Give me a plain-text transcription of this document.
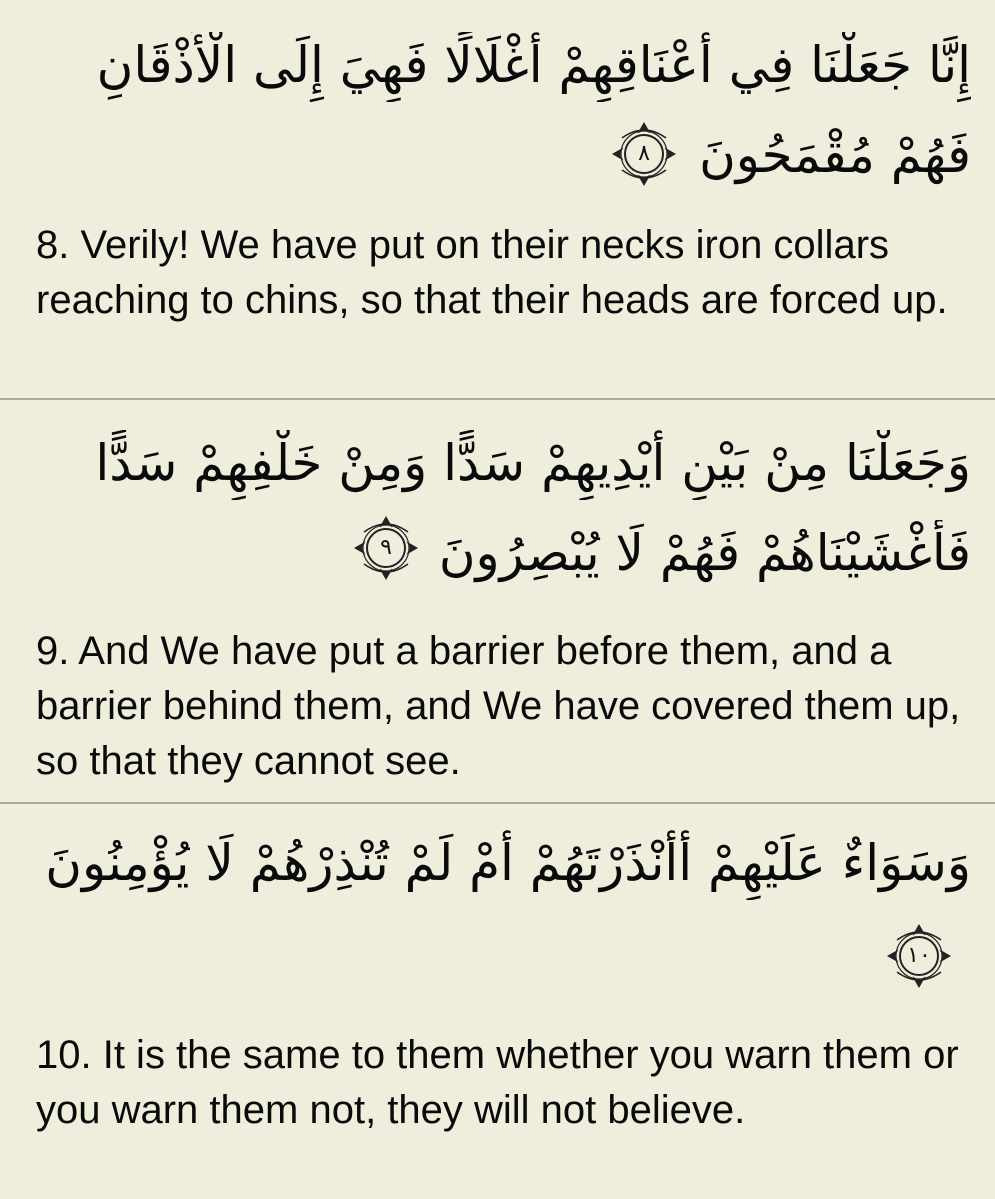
إِنَّا جَعَلْنَا فِي أَعْنَاقِهِمْ أَغْلَالًا فَهِيَ إِلَى الْأَذْقَانِ
فَهُمْ مُقْمَحُونَ
٨
8. Verily! We have put on their necks iron collars reaching to chins, so that their heads are forced up.
وَجَعَلْنَا مِنْ بَيْنِ أَيْدِيهِمْ سَدًّا وَمِنْ خَلْفِهِمْ سَدًّا
فَأَغْشَيْنَاهُمْ فَهُمْ لَا يُبْصِرُونَ
٩
9. And We have put a barrier before them, and a barrier behind them, and We have covered them up, so that they cannot see.
وَسَوَاءٌ عَلَيْهِمْ أَأَنْذَرْتَهُمْ أَمْ لَمْ تُنْذِرْهُمْ لَا يُؤْمِنُونَ
١٠
10. It is the same to them whether you warn them or you warn them not, they will not believe.
